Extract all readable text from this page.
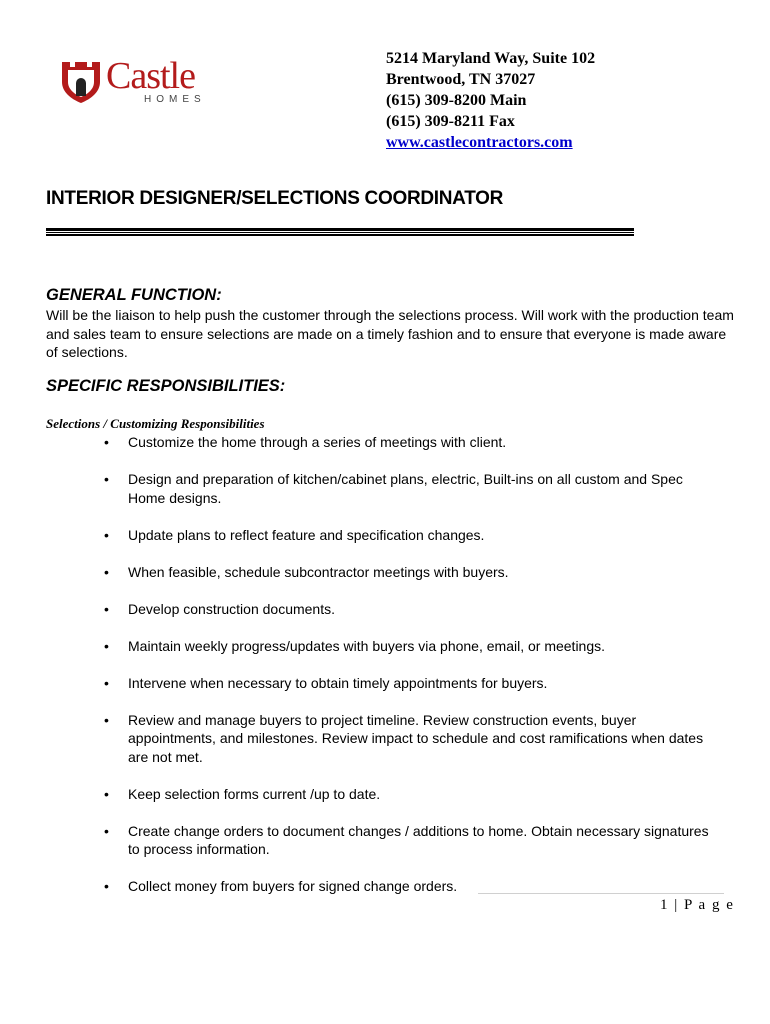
Castle
HOMES
5214 Maryland Way, Suite 102
Brentwood, TN 37027
(615) 309-8200 Main
(615) 309-8211 Fax
www.castlecontractors.com
INTERIOR DESIGNER/SELECTIONS COORDINATOR
GENERAL FUNCTION:
Will be the liaison to help push the customer through the selections process. Will work with the production team and sales team to ensure selections are made on a timely fashion and to ensure that everyone is made aware of selections.
SPECIFIC RESPONSIBILITIES:
Selections / Customizing Responsibilities
• Customize the home through a series of meetings with client.
• Design and preparation of kitchen/cabinet plans, electric, Built-ins on all custom and Spec Home designs.
• Update plans to reflect feature and specification changes.
• When feasible, schedule subcontractor meetings with buyers.
• Develop construction documents.
• Maintain weekly progress/updates with buyers via phone, email, or meetings.
• Intervene when necessary to obtain timely appointments for buyers.
• Review and manage buyers to project timeline. Review construction events, buyer appointments, and milestones. Review impact to schedule and cost ramifications when dates are not met.
• Keep selection forms current /up to date.
• Create change orders to document changes / additions to home. Obtain necessary signatures to process information.
• Collect money from buyers for signed change orders.
1 | P a g e
